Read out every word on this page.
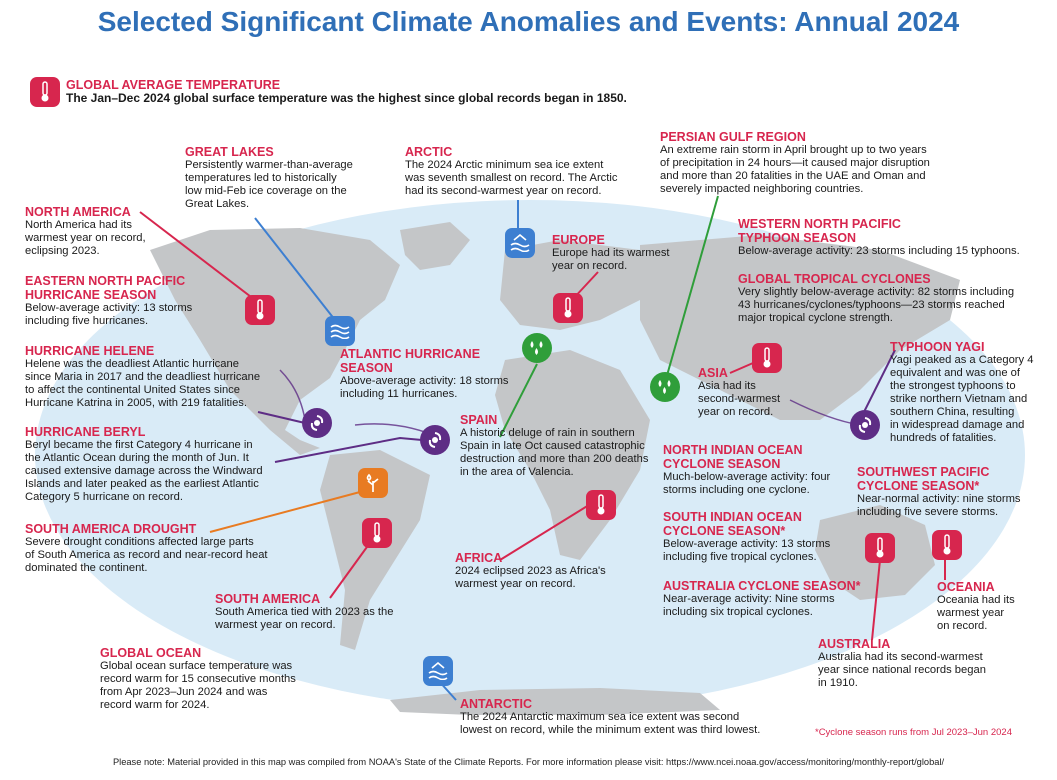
Selected Significant Climate Anomalies and Events: Annual 2024
GLOBAL AVERAGE TEMPERATURE
The Jan–Dec 2024 global surface temperature was the highest since global records began in 1850.
GREAT LAKES
Persistently warmer-than-average
temperatures led to historically
low mid-Feb ice coverage on the
Great Lakes.
ARCTIC
The 2024 Arctic minimum sea ice extent
was seventh smallest on record. The Arctic
had its second-warmest year on record.
PERSIAN GULF REGION
An extreme rain storm in April brought up to two years
of precipitation in 24 hours—it caused major disruption
and more than 20 fatalities in the UAE and Oman and
severely impacted neighboring countries.
NORTH AMERICA
North America had its
warmest year on record,
eclipsing 2023.
EUROPE
Europe had its warmest
year on record.
WESTERN NORTH PACIFIC
TYPHOON SEASON
Below-average activity: 23 storms including 15 typhoons.
GLOBAL TROPICAL CYCLONES
Very slightly below-average activity: 82 storms including
43 hurricanes/cyclones/typhoons—23 storms reached
major tropical cyclone strength.
EASTERN NORTH PACIFIC
HURRICANE SEASON
Below-average activity: 13 storms
including five hurricanes.
HURRICANE HELENE
Helene was the deadliest Atlantic hurricane
since Maria in 2017 and the deadliest hurricane
to affect the continental United States since
Hurricane Katrina in 2005, with 219 fatalities.
ATLANTIC HURRICANE
SEASON
Above-average activity: 18 storms
including 11 hurricanes.
TYPHOON YAGI
Yagi peaked as a Category 4
equivalent and was one of
the strongest typhoons to
strike northern Vietnam and
southern China, resulting
in widespread damage and
hundreds of fatalities.
ASIA
Asia had its
second-warmest
year on record.
HURRICANE BERYL
Beryl became the first Category 4 hurricane in
the Atlantic Ocean during the month of Jun. It
caused extensive damage across the Windward
Islands and later peaked as the earliest Atlantic
Category 5 hurricane on record.
SPAIN
A historic deluge of rain in southern
Spain in late Oct caused catastrophic
destruction and more than 200 deaths
in the area of Valencia.
NORTH INDIAN OCEAN
CYCLONE SEASON
Much-below-average activity: four
storms including one cyclone.
SOUTHWEST PACIFIC
CYCLONE SEASON*
Near-normal activity: nine storms
including five severe storms.
SOUTH AMERICA DROUGHT
Severe drought conditions affected large parts
of South America as record and near-record heat
dominated the continent.
SOUTH INDIAN OCEAN
CYCLONE SEASON*
Below-average activity: 13 storms
including five tropical cyclones.
AFRICA
2024 eclipsed 2023 as Africa's
warmest year on record.
SOUTH AMERICA
South America tied with 2023 as the
warmest year on record.
AUSTRALIA CYCLONE SEASON*
Near-average activity: Nine storms
including six tropical cyclones.
OCEANIA
Oceania had its
warmest year
on record.
GLOBAL OCEAN
Global ocean surface temperature was
record warm for 15 consecutive months
from Apr 2023–Jun 2024 and was
record warm for 2024.
AUSTRALIA
Australia had its second-warmest
year since national records began
in 1910.
ANTARCTIC
The 2024 Antarctic maximum sea ice extent was second
lowest on record, while the minimum extent was third lowest.	*Cyclone season runs from Jul 2023–Jun 2024
Please note: Material provided in this map was compiled from NOAA's State of the Climate Reports. For more information please visit: https://www.ncei.noaa.gov/access/monitoring/monthly-report/global/
